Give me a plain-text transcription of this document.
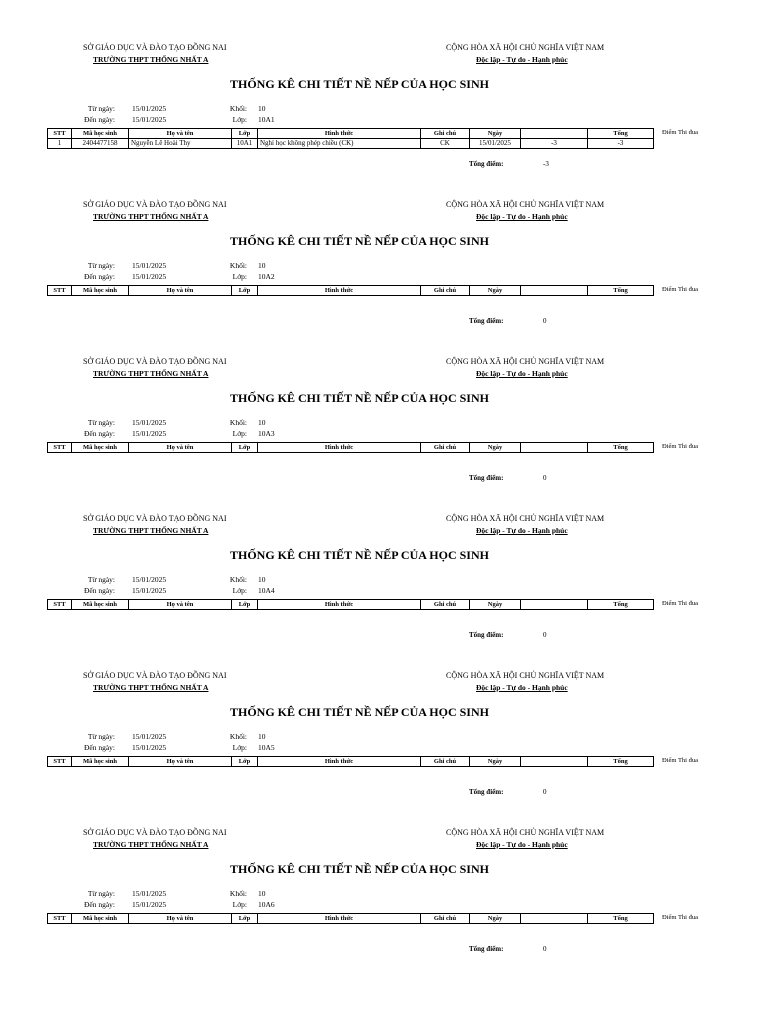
SỞ GIÁO DỤC VÀ ĐÀO TẠO ĐỒNG NAI
TRƯỜNG THPT THỐNG NHẤT A
CỘNG HÒA XÃ HỘI CHỦ NGHĨA VIỆT NAM
Độc lập - Tự do - Hạnh phúc
THỐNG KÊ CHI TIẾT NỀ NẾP CỦA HỌC SINH
Từ ngày: 15/01/2025
Đến ngày: 15/01/2025
Khối: 10
Lớp: 10A1
STT	Mã học sinh	Họ và tên	Lớp	Hình thức	Ghi chú	Ngày		Tổng
1	2404477158	Nguyễn Lê Hoài Thy	10A1	Nghỉ học không phép chiều (CK)	CK	15/01/2025	-3	-3
Điểm Thi đua
Tổng điểm:	-3
SỞ GIÁO DỤC VÀ ĐÀO TẠO ĐỒNG NAI
TRƯỜNG THPT THỐNG NHẤT A
CỘNG HÒA XÃ HỘI CHỦ NGHĨA VIỆT NAM
Độc lập - Tự do - Hạnh phúc
THỐNG KÊ CHI TIẾT NỀ NẾP CỦA HỌC SINH
Từ ngày: 15/01/2025
Đến ngày: 15/01/2025
Khối: 10
Lớp: 10A2
STT	Mã học sinh	Họ và tên	Lớp	Hình thức	Ghi chú	Ngày		Tổng	Điểm Thi đua
Tổng điểm:	0
SỞ GIÁO DỤC VÀ ĐÀO TẠO ĐỒNG NAI
TRƯỜNG THPT THỐNG NHẤT A
CỘNG HÒA XÃ HỘI CHỦ NGHĨA VIỆT NAM
Độc lập - Tự do - Hạnh phúc
THỐNG KÊ CHI TIẾT NỀ NẾP CỦA HỌC SINH
Từ ngày: 15/01/2025
Đến ngày: 15/01/2025
Khối: 10
Lớp: 10A3
STT	Mã học sinh	Họ và tên	Lớp	Hình thức	Ghi chú	Ngày		Tổng	Điểm Thi đua
Tổng điểm:	0
SỞ GIÁO DỤC VÀ ĐÀO TẠO ĐỒNG NAI
TRƯỜNG THPT THỐNG NHẤT A
CỘNG HÒA XÃ HỘI CHỦ NGHĨA VIỆT NAM
Độc lập - Tự do - Hạnh phúc
THỐNG KÊ CHI TIẾT NỀ NẾP CỦA HỌC SINH
Từ ngày: 15/01/2025
Đến ngày: 15/01/2025
Khối: 10
Lớp: 10A4
STT	Mã học sinh	Họ và tên	Lớp	Hình thức	Ghi chú	Ngày		Tổng	Điểm Thi đua
Tổng điểm:	0
SỞ GIÁO DỤC VÀ ĐÀO TẠO ĐỒNG NAI
TRƯỜNG THPT THỐNG NHẤT A
CỘNG HÒA XÃ HỘI CHỦ NGHĨA VIỆT NAM
Độc lập - Tự do - Hạnh phúc
THỐNG KÊ CHI TIẾT NỀ NẾP CỦA HỌC SINH
Từ ngày: 15/01/2025
Đến ngày: 15/01/2025
Khối: 10
Lớp: 10A5
STT	Mã học sinh	Họ và tên	Lớp	Hình thức	Ghi chú	Ngày		Tổng	Điểm Thi đua
Tổng điểm:	0
SỞ GIÁO DỤC VÀ ĐÀO TẠO ĐỒNG NAI
TRƯỜNG THPT THỐNG NHẤT A
CỘNG HÒA XÃ HỘI CHỦ NGHĨA VIỆT NAM
Độc lập - Tự do - Hạnh phúc
THỐNG KÊ CHI TIẾT NỀ NẾP CỦA HỌC SINH
Từ ngày: 15/01/2025
Đến ngày: 15/01/2025
Khối: 10
Lớp: 10A6
STT	Mã học sinh	Họ và tên	Lớp	Hình thức	Ghi chú	Ngày		Tổng	Điểm Thi đua
Tổng điểm:	0
